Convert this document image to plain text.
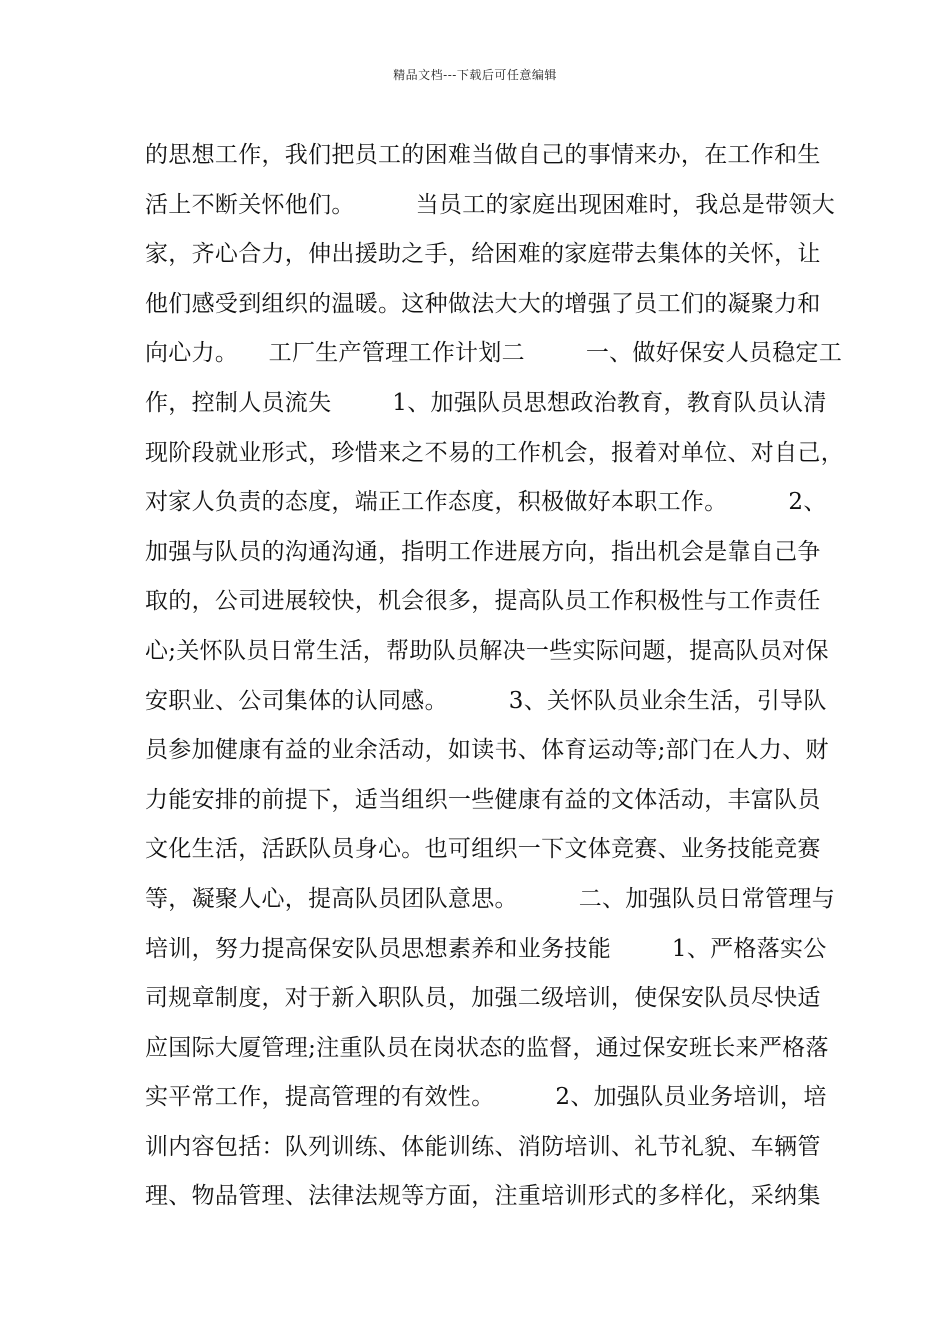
精品文档---下载后可任意编辑
的思想工作，我们把员工的困难当做自己的事情来办，在工作和生
活上不断关怀他们。        当员工的家庭出现困难时，我总是带领大
家，齐心合力，伸出援助之手，给困难的家庭带去集体的关怀，让
他们感受到组织的温暖。这种做法大大的增强了员工们的凝聚力和
向心力。    工厂生产管理工作计划二        一、做好保安人员稳定工
作，控制人员流失        1、加强队员思想政治教育，教育队员认清
现阶段就业形式，珍惜来之不易的工作机会，报着对单位、对自己，
对家人负责的态度，端正工作态度，积极做好本职工作。        2、
加强与队员的沟通沟通，指明工作进展方向，指出机会是靠自己争
取的，公司进展较快，机会很多，提高队员工作积极性与工作责任
心;关怀队员日常生活，帮助队员解决一些实际问题，提高队员对保
安职业、公司集体的认同感。        3、关怀队员业余生活，引导队
员参加健康有益的业余活动，如读书、体育运动等;部门在人力、财
力能安排的前提下，适当组织一些健康有益的文体活动，丰富队员
文化生活，活跃队员身心。也可组织一下文体竞赛、业务技能竞赛
等，凝聚人心，提高队员团队意思。        二、加强队员日常管理与
培训，努力提高保安队员思想素养和业务技能        1、严格落实公
司规章制度，对于新入职队员，加强二级培训，使保安队员尽快适
应国际大厦管理;注重队员在岗状态的监督，通过保安班长来严格落
实平常工作，提高管理的有效性。        2、加强队员业务培训，培
训内容包括：队列训练、体能训练、消防培训、礼节礼貌、车辆管
理、物品管理、法律法规等方面，注重培训形式的多样化，采纳集
